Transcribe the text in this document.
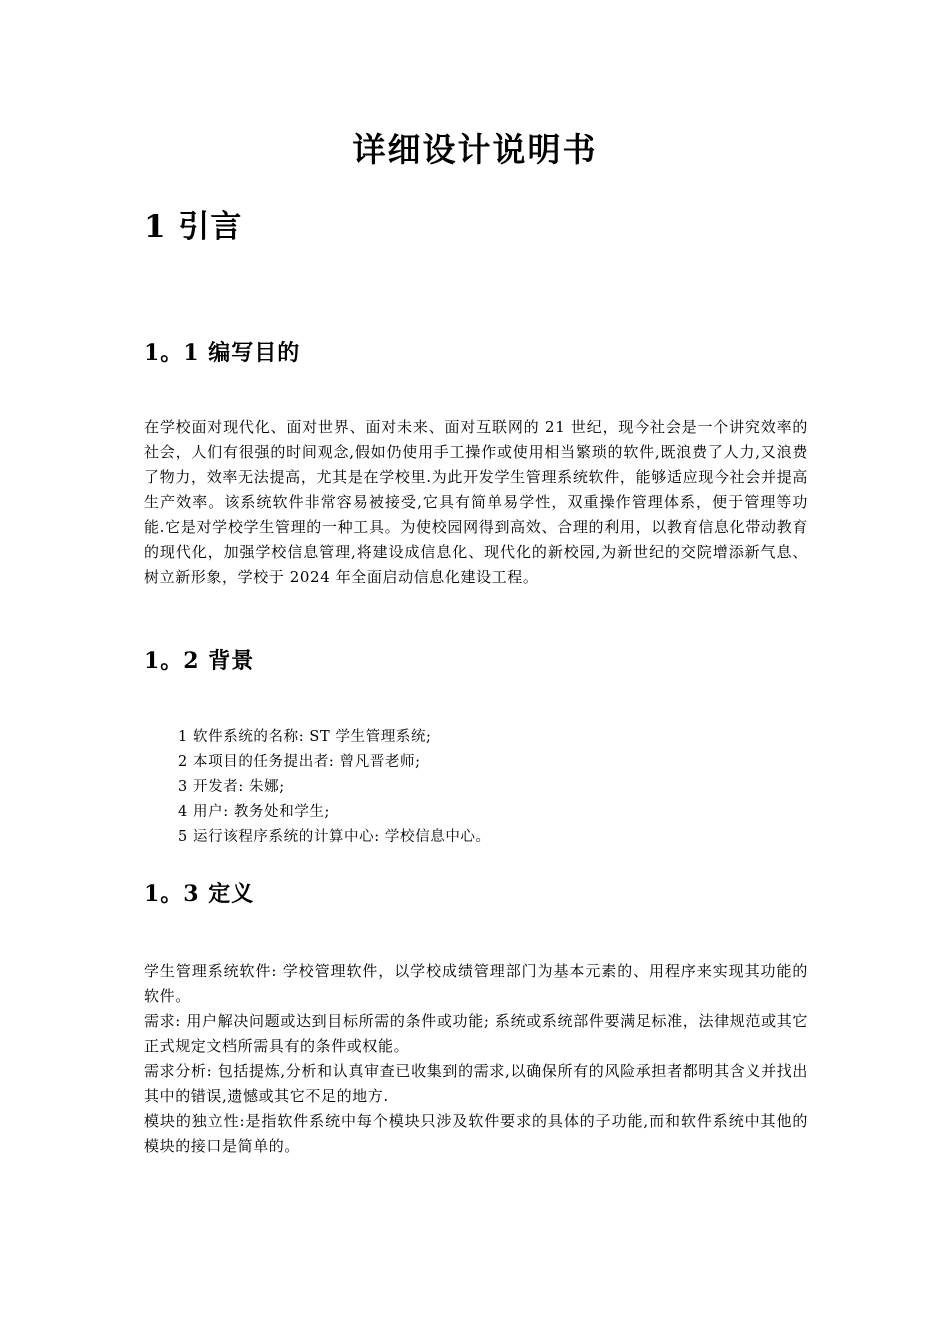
详细设计说明书
1 引言
1。1 编写目的

在学校面对现代化、面对世界、面对未来、面对互联网的 21 世纪，现今社会是一个讲究效率的社会，人们有很强的时间观念,假如仍使用手工操作或使用相当繁琐的软件,既浪费了人力,又浪费了物力，效率无法提高，尤其是在学校里.为此开发学生管理系统软件，能够适应现今社会并提高生产效率。该系统软件非常容易被接受,它具有简单易学性，双重操作管理体系，便于管理等功能.它是对学校学生管理的一种工具。为使校园网得到高效、合理的利用，以教育信息化带动教育的现代化，加强学校信息管理,将建设成信息化、现代化的新校园,为新世纪的交院增添新气息、树立新形象，学校于 2024 年全面启动信息化建设工程。

1。2 背景
1 软件系统的名称: ST 学生管理系统;
2 本项目的任务提出者: 曾凡晋老师;
3 开发者: 朱娜;
4 用户: 教务处和学生;
5 运行该程序系统的计算中心: 学校信息中心。
1。3 定义

学生管理系统软件: 学校管理软件，以学校成绩管理部门为基本元素的、用程序来实现其功能的软件。

需求: 用户解决问题或达到目标所需的条件或功能; 系统或系统部件要满足标准，法律规范或其它正式规定文档所需具有的条件或权能。

需求分析: 包括提炼,分析和认真审查已收集到的需求,以确保所有的风险承担者都明其含义并找出其中的错误,遗憾或其它不足的地方.

模块的独立性:是指软件系统中每个模块只涉及软件要求的具体的子功能,而和软件系统中其他的模块的接口是简单的。
